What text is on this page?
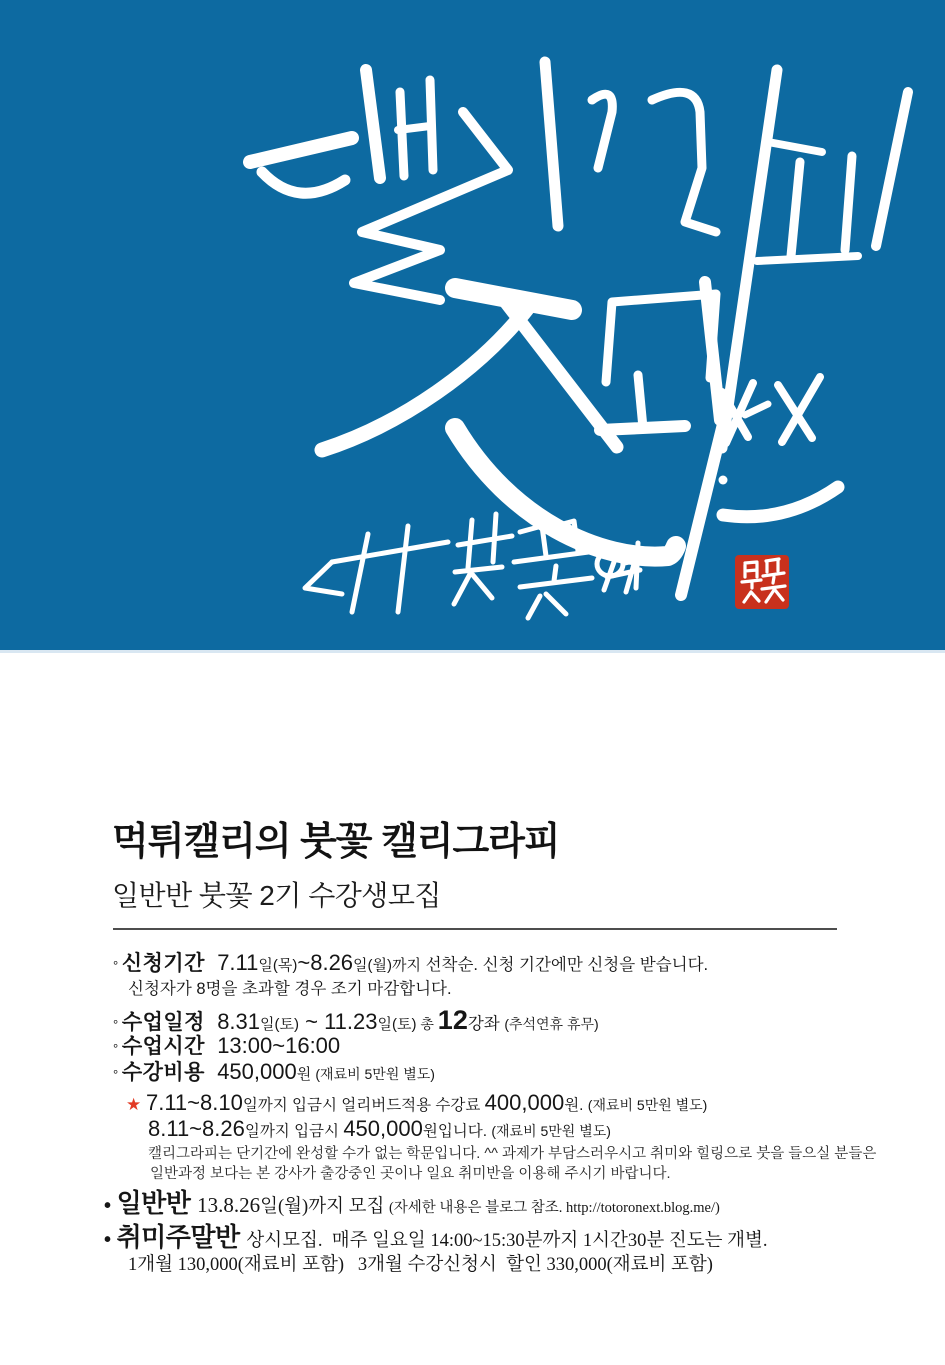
먹튀캘리의 붓꽃 캘리그라피
일반반 붓꽃 2기 수강생모집
° 신청기간  7.11일(목)~8.26일(월)까지 선착순. 신청 기간에만 신청을 받습니다.
신청자가 8명을 초과할 경우 조기 마감합니다.
° 수업일정  8.31일(토) ~ 11.23일(토) 총 12강좌 (추석연휴 휴무)
° 수업시간  13:00~16:00
° 수강비용  450,000원 (재료비 5만원 별도)
★ 7.11~8.10일까지 입금시 얼리버드적용 수강료 400,000원. (재료비 5만원 별도)
8.11~8.26일까지 입금시 450,000원입니다. (재료비 5만원 별도)
캘리그라피는 단기간에 완성할 수가 없는 학문입니다. ^^ 과제가 부담스러우시고 취미와 힐링으로 붓을 들으실 분들은
일반과정 보다는 본 강사가 출강중인 곳이나 일요 취미반을 이용해 주시기 바랍니다.
• 일반반 13.8.26일(월)까지 모집 (자세한 내용은 블로그 참조. http://totoronext.blog.me/)
• 취미주말반 상시모집.  매주 일요일 14:00~15:30분까지 1시간30분 진도는 개별.
1개월 130,000(재료비 포함)   3개월 수강신청시  할인 330,000(재료비 포함)
